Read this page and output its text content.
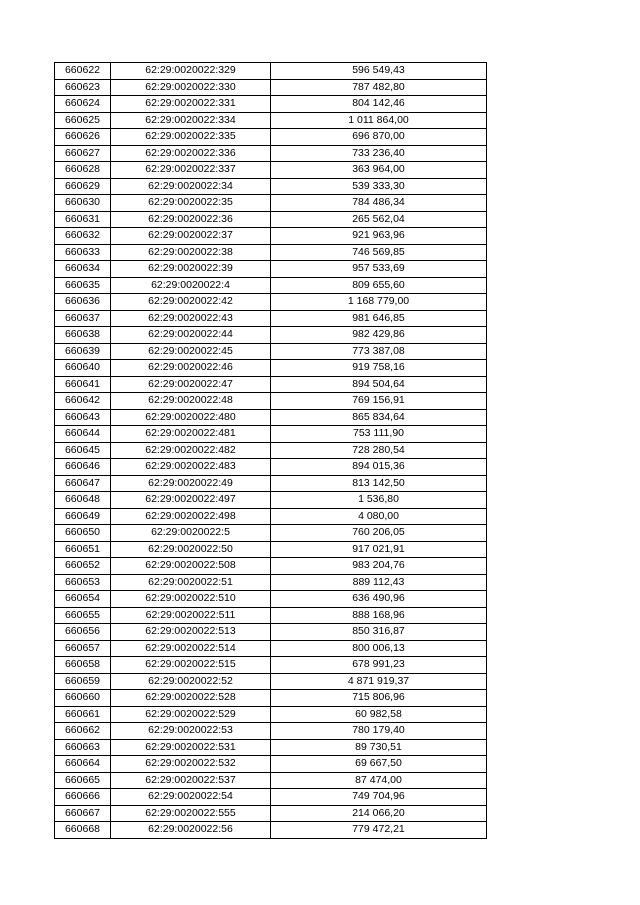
660622	62:29:0020022:329	596 549,43
660623	62:29:0020022:330	787 482,80
660624	62:29:0020022:331	804 142,46
660625	62:29:0020022:334	1 011 864,00
660626	62:29:0020022:335	696 870,00
660627	62:29:0020022:336	733 236,40
660628	62:29:0020022:337	363 964,00
660629	62:29:0020022:34	539 333,30
660630	62:29:0020022:35	784 486,34
660631	62:29:0020022:36	265 562,04
660632	62:29:0020022:37	921 963,96
660633	62:29:0020022:38	746 569,85
660634	62:29:0020022:39	957 533,69
660635	62:29:0020022:4	809 655,60
660636	62:29:0020022:42	1 168 779,00
660637	62:29:0020022:43	981 646,85
660638	62:29:0020022:44	982 429,86
660639	62:29:0020022:45	773 387,08
660640	62:29:0020022:46	919 758,16
660641	62:29:0020022:47	894 504,64
660642	62:29:0020022:48	769 156,91
660643	62:29:0020022:480	865 834,64
660644	62:29:0020022:481	753 111,90
660645	62:29:0020022:482	728 280,54
660646	62:29:0020022:483	894 015,36
660647	62:29:0020022:49	813 142,50
660648	62:29:0020022:497	1 536,80
660649	62:29:0020022:498	4 080,00
660650	62:29:0020022:5	760 206,05
660651	62:29:0020022:50	917 021,91
660652	62:29:0020022:508	983 204,76
660653	62:29:0020022:51	889 112,43
660654	62:29:0020022:510	636 490,96
660655	62:29:0020022:511	888 168,96
660656	62:29:0020022:513	850 316,87
660657	62:29:0020022:514	800 006,13
660658	62:29:0020022:515	678 991,23
660659	62:29:0020022:52	4 871 919,37
660660	62:29:0020022:528	715 806,96
660661	62:29:0020022:529	60 982,58
660662	62:29:0020022:53	780 179,40
660663	62:29:0020022:531	89 730,51
660664	62:29:0020022:532	69 667,50
660665	62:29:0020022:537	87 474,00
660666	62:29:0020022:54	749 704,96
660667	62:29:0020022:555	214 066,20
660668	62:29:0020022:56	779 472,21
